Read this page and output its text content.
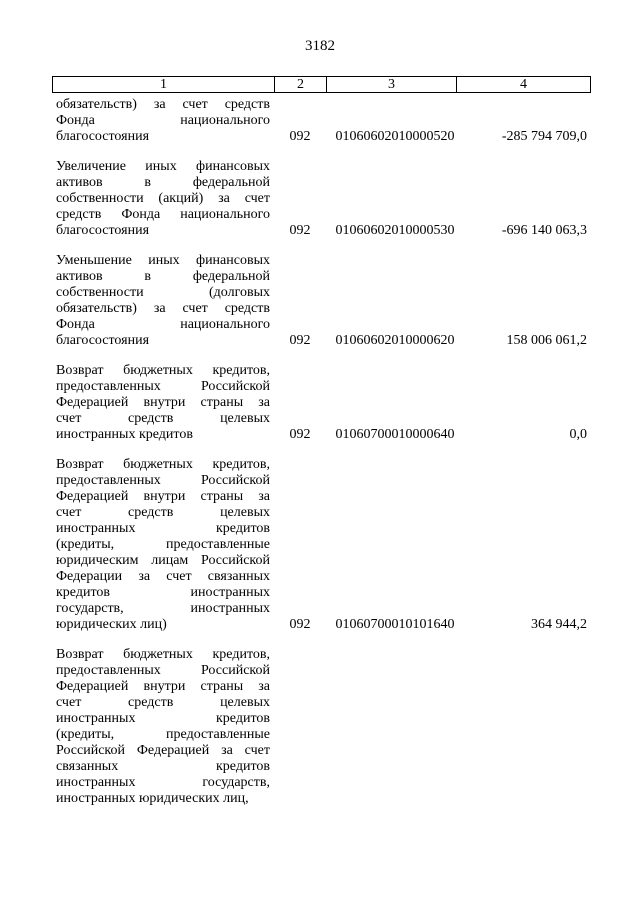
3182
1	2	3	4
обязательств) за счет средств
Фонда национального
благосостояния	092	01060602010000520	-285 794 709,0
Увеличение иных финансовых
активов в федеральной
собственности (акций) за счет
средств Фонда национального
благосостояния	092	01060602010000530	-696 140 063,3
Уменьшение иных финансовых
активов в федеральной
собственности (долговых
обязательств) за счет средств
Фонда национального
благосостояния	092	01060602010000620	158 006 061,2
Возврат бюджетных кредитов,
предоставленных Российской
Федерацией внутри страны за
счет средств целевых
иностранных кредитов	092	01060700010000640	0,0
Возврат бюджетных кредитов,
предоставленных Российской
Федерацией внутри страны за
счет средств целевых
иностранных кредитов
(кредиты, предоставленные
юридическим лицам Российской
Федерации за счет связанных
кредитов иностранных
государств, иностранных
юридических лиц)	092	01060700010101640	364 944,2
Возврат бюджетных кредитов,
предоставленных Российской
Федерацией внутри страны за
счет средств целевых
иностранных кредитов
(кредиты, предоставленные
Российской Федерацией за счет
связанных кредитов
иностранных государств,
иностранных юридических лиц,
